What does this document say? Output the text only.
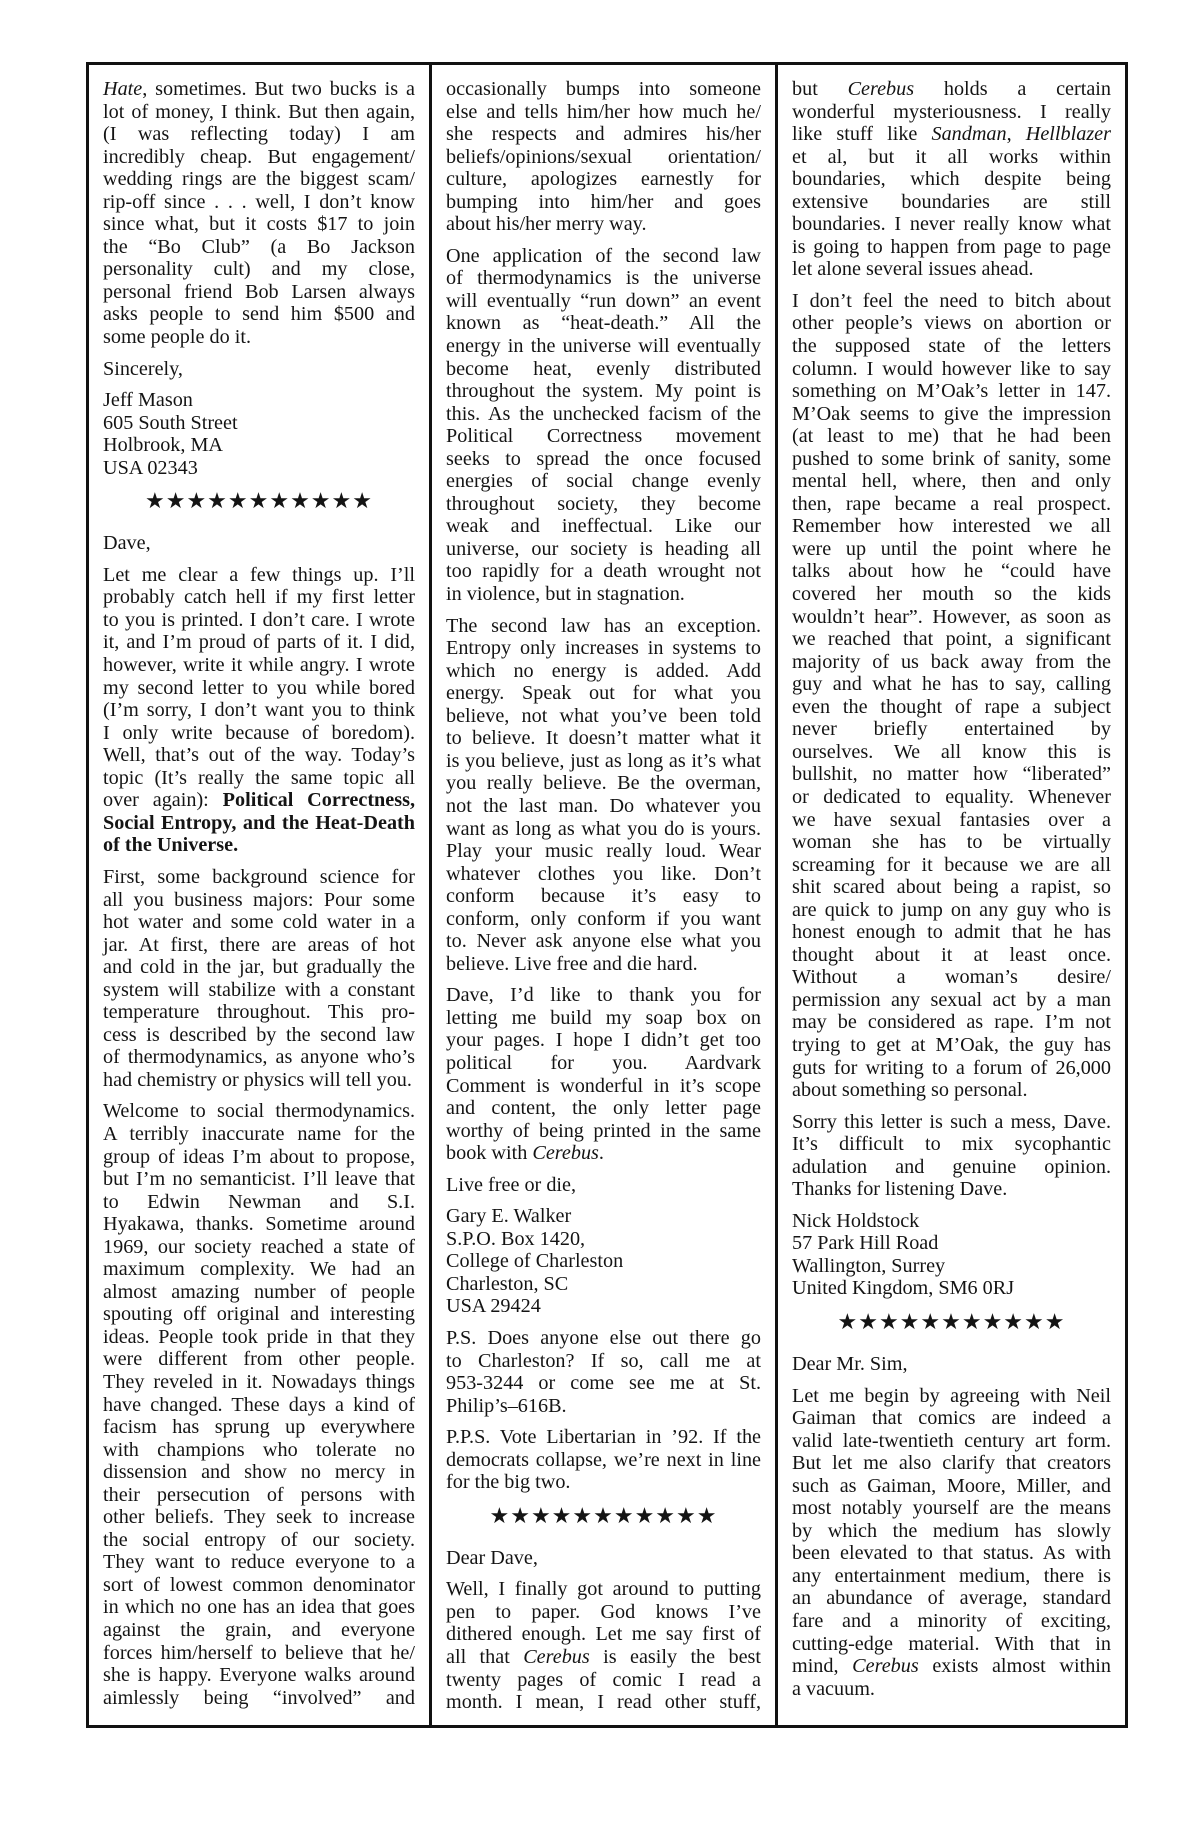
Hate, sometimes. But two bucks is a
lot of money, I think. But then again,
(I was reflecting today) I am
incredibly cheap. But engagement/
wedding rings are the biggest scam/
rip-off since . . . well, I don’t know
since what, but it costs $17 to join
the “Bo Club” (a Bo Jackson
personality cult) and my close,
personal friend Bob Larsen always
asks people to send him $500 and
some people do it.
Sincerely,
Jeff Mason
605 South Street
Holbrook, MA
USA 02343
★★★★★★★★★★★
Dave,
Let me clear a few things up. I’ll
probably catch hell if my first letter
to you is printed. I don’t care. I wrote
it, and I’m proud of parts of it. I did,
however, write it while angry. I wrote
my second letter to you while bored
(I’m sorry, I don’t want you to think
I only write because of boredom).
Well, that’s out of the way. Today’s
topic (It’s really the same topic all
over again): Political Correctness,
Social Entropy, and the Heat-Death
of the Universe.
First, some background science for
all you business majors: Pour some
hot water and some cold water in a
jar. At first, there are areas of hot
and cold in the jar, but gradually the
system will stabilize with a constant
temperature throughout. This pro-
cess is described by the second law
of thermodynamics, as anyone who’s
had chemistry or physics will tell you.
Welcome to social thermodynamics.
A terribly inaccurate name for the
group of ideas I’m about to propose,
but I’m no semanticist. I’ll leave that
to Edwin Newman and S.I.
Hyakawa, thanks. Sometime around
1969, our society reached a state of
maximum complexity. We had an
almost amazing number of people
spouting off original and interesting
ideas. People took pride in that they
were different from other people.
They reveled in it. Nowadays things
have changed. These days a kind of
facism has sprung up everywhere
with champions who tolerate no
dissension and show no mercy in
their persecution of persons with
other beliefs. They seek to increase
the social entropy of our society.
They want to reduce everyone to a
sort of lowest common denominator
in which no one has an idea that goes
against the grain, and everyone
forces him/herself to believe that he/
she is happy. Everyone walks around
aimlessly being “involved” and
occasionally bumps into someone
else and tells him/her how much he/
she respects and admires his/her
beliefs/opinions/sexual orientation/
culture, apologizes earnestly for
bumping into him/her and goes
about his/her merry way.
One application of the second law
of thermodynamics is the universe
will eventually “run down” an event
known as “heat-death.” All the
energy in the universe will eventually
become heat, evenly distributed
throughout the system. My point is
this. As the unchecked facism of the
Political Correctness movement
seeks to spread the once focused
energies of social change evenly
throughout society, they become
weak and ineffectual. Like our
universe, our society is heading all
too rapidly for a death wrought not
in violence, but in stagnation.
The second law has an exception.
Entropy only increases in systems to
which no energy is added. Add
energy. Speak out for what you
believe, not what you’ve been told
to believe. It doesn’t matter what it
is you believe, just as long as it’s what
you really believe. Be the overman,
not the last man. Do whatever you
want as long as what you do is yours.
Play your music really loud. Wear
whatever clothes you like. Don’t
conform because it’s easy to
conform, only conform if you want
to. Never ask anyone else what you
believe. Live free and die hard.
Dave, I’d like to thank you for
letting me build my soap box on
your pages. I hope I didn’t get too
political for you. Aardvark
Comment is wonderful in it’s scope
and content, the only letter page
worthy of being printed in the same
book with Cerebus.
Live free or die,
Gary E. Walker
S.P.O. Box 1420,
College of Charleston
Charleston, SC
USA 29424
P.S. Does anyone else out there go
to Charleston? If so, call me at
953-3244 or come see me at St.
Philip’s–616B.
P.P.S. Vote Libertarian in ’92. If the
democrats collapse, we’re next in line
for the big two.
★★★★★★★★★★★
Dear Dave,
Well, I finally got around to putting
pen to paper. God knows I’ve
dithered enough. Let me say first of
all that Cerebus is easily the best
twenty pages of comic I read a
month. I mean, I read other stuff,
but Cerebus holds a certain
wonderful mysteriousness. I really
like stuff like Sandman, Hellblazer
et al, but it all works within
boundaries, which despite being
extensive boundaries are still
boundaries. I never really know what
is going to happen from page to page
let alone several issues ahead.
I don’t feel the need to bitch about
other people’s views on abortion or
the supposed state of the letters
column. I would however like to say
something on M’Oak’s letter in 147.
M’Oak seems to give the impression
(at least to me) that he had been
pushed to some brink of sanity, some
mental hell, where, then and only
then, rape became a real prospect.
Remember how interested we all
were up until the point where he
talks about how he “could have
covered her mouth so the kids
wouldn’t hear”. However, as soon as
we reached that point, a significant
majority of us back away from the
guy and what he has to say, calling
even the thought of rape a subject
never briefly entertained by
ourselves. We all know this is
bullshit, no matter how “liberated”
or dedicated to equality. Whenever
we have sexual fantasies over a
woman she has to be virtually
screaming for it because we are all
shit scared about being a rapist, so
are quick to jump on any guy who is
honest enough to admit that he has
thought about it at least once.
Without a woman’s desire/
permission any sexual act by a man
may be considered as rape. I’m not
trying to get at M’Oak, the guy has
guts for writing to a forum of 26,000
about something so personal.
Sorry this letter is such a mess, Dave.
It’s difficult to mix sycophantic
adulation and genuine opinion.
Thanks for listening Dave.
Nick Holdstock
57 Park Hill Road
Wallington, Surrey
United Kingdom, SM6 0RJ
★★★★★★★★★★★
Dear Mr. Sim,
Let me begin by agreeing with Neil
Gaiman that comics are indeed a
valid late-twentieth century art form.
But let me also clarify that creators
such as Gaiman, Moore, Miller, and
most notably yourself are the means
by which the medium has slowly
been elevated to that status. As with
any entertainment medium, there is
an abundance of average, standard
fare and a minority of exciting,
cutting-edge material. With that in
mind, Cerebus exists almost within
a vacuum.
